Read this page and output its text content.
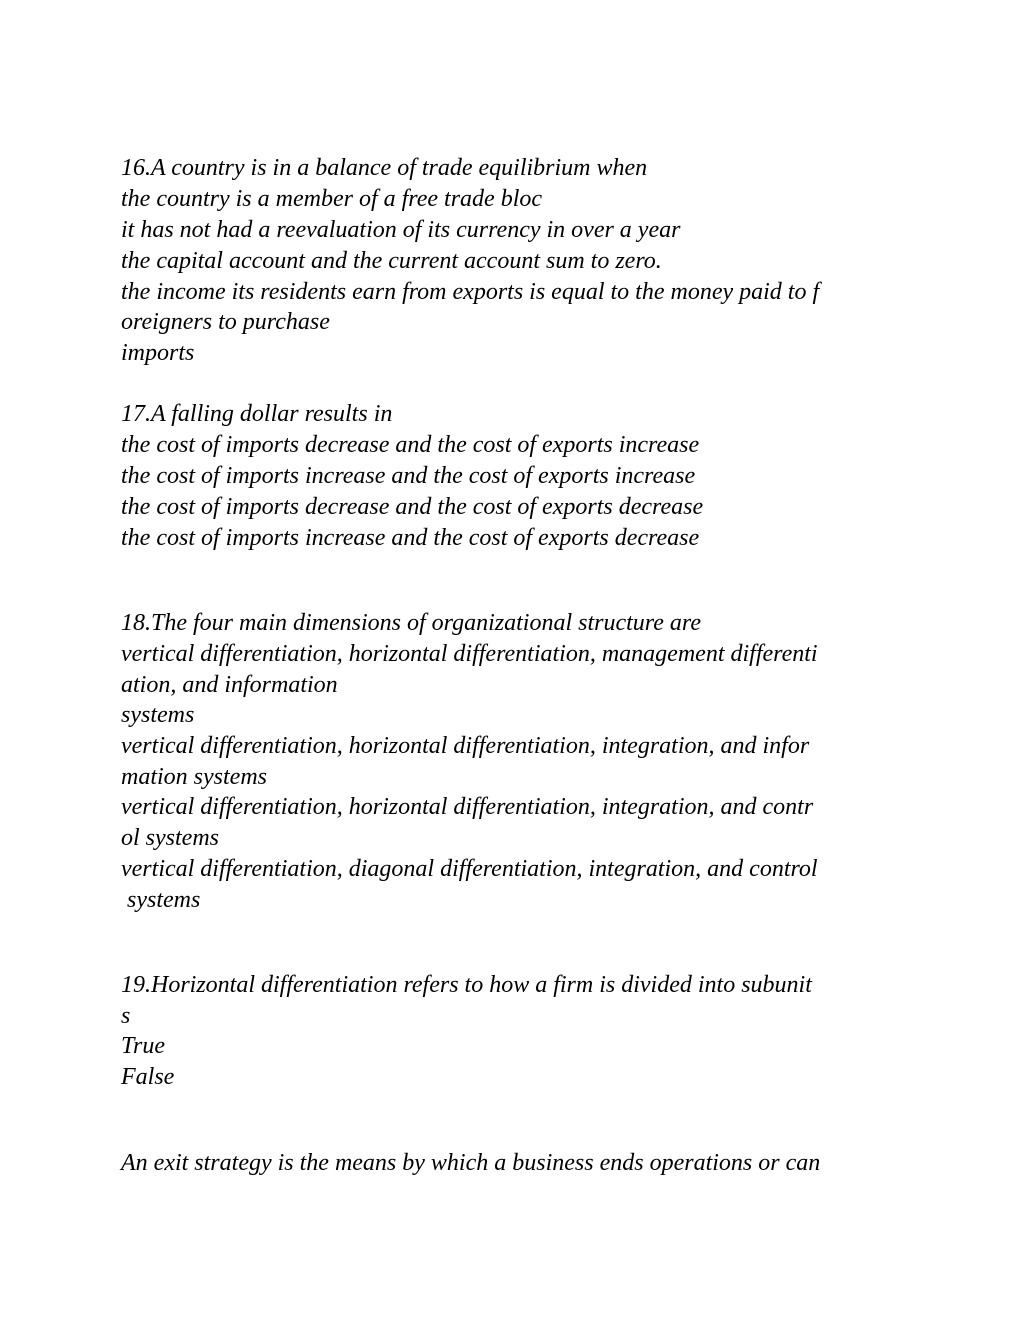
16.A country is in a balance of trade equilibrium when

the country is a member of a free trade bloc

it has not had a reevaluation of its currency in over a year

the capital account and the current account sum to zero.

the income its residents earn from exports is equal to the money paid to f

oreigners to purchase

imports

17.A falling dollar results in

the cost of imports decrease and the cost of exports increase

the cost of imports increase and the cost of exports increase

the cost of imports decrease and the cost of exports decrease

the cost of imports increase and the cost of exports decrease

18.The four main dimensions of organizational structure are

vertical differentiation, horizontal differentiation, management differenti

ation, and information

systems

vertical differentiation, horizontal differentiation, integration, and infor

mation systems

vertical differentiation, horizontal differentiation, integration, and contr

ol systems

vertical differentiation, diagonal differentiation, integration, and control

systems

19.Horizontal differentiation refers to how a firm is divided into subunit

s

True

False

An exit strategy is the means by which a business ends operations or can
